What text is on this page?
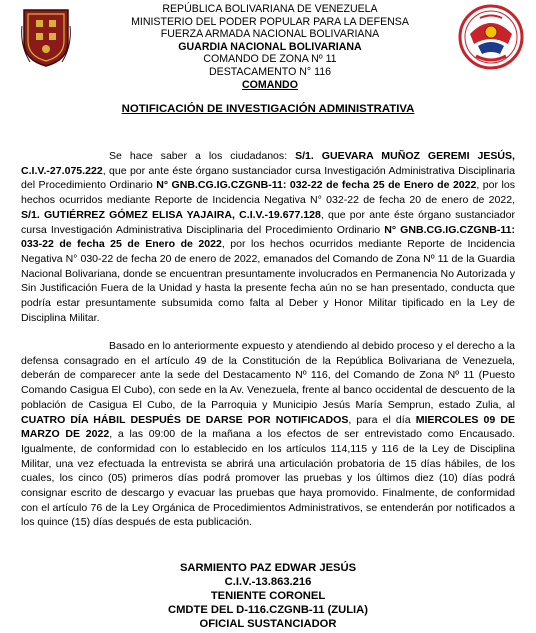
REPÚBLICA BOLIVARIANA DE VENEZUELA
MINISTERIO DEL PODER POPULAR PARA LA DEFENSA
FUERZA ARMADA NACIONAL BOLIVARIANA
GUARDIA NACIONAL BOLIVARIANA
COMANDO DE ZONA Nº 11
DESTACAMENTO N° 116
COMANDO
NOTIFICACIÓN DE INVESTIGACIÓN ADMINISTRATIVA
Se hace saber a los ciudadanos: S/1. GUEVARA MUÑOZ GEREMI JESÚS, C.I.V.-27.075.222, que por ante éste órgano sustanciador cursa Investigación Administrativa Disciplinaria del Procedimiento Ordinario N° GNB.CG.IG.CZGNB-11: 032-22 de fecha 25 de Enero de 2022, por los hechos ocurridos mediante Reporte de Incidencia Negativa N° 032-22 de fecha 20 de enero de 2022, S/1. GUTIÉRREZ GÓMEZ ELISA YAJAIRA, C.I.V.-19.677.128, que por ante éste órgano sustanciador cursa Investigación Administrativa Disciplinaria del Procedimiento Ordinario N° GNB.CG.IG.CZGNB-11: 033-22 de fecha 25 de Enero de 2022, por los hechos ocurridos mediante Reporte de Incidencia Negativa N° 030-22 de fecha 20 de enero de 2022, emanados del Comando de Zona Nº 11 de la Guardia Nacional Bolivariana, donde se encuentran presuntamente involucrados en Permanencia No Autorizada y Sin Justificación Fuera de la Unidad y hasta la presente fecha aún no se han presentado, conducta que podría estar presuntamente subsumida como falta al Deber y Honor Militar tipificado en la Ley de Disciplina Militar.
Basado en lo anteriormente expuesto y atendiendo al debido proceso y el derecho a la defensa consagrado en el artículo 49 de la Constitución de la República Bolivariana de Venezuela, deberán de comparecer ante la sede del Destacamento Nº 116, del Comando de Zona Nº 11 (Puesto Comando Casigua El Cubo), con sede en la Av. Venezuela, frente al banco occidental de descuento de la población de Casigua El Cubo, de la Parroquia y Municipio Jesús María Semprun, estado Zulia, al CUATRO DÍA HÁBIL DESPUÉS DE DARSE POR NOTIFICADOS, para el día MIERCOLES 09 DE MARZO DE 2022, a las 09:00 de la mañana a los efectos de ser entrevistado como Encausado. Igualmente, de conformidad con lo establecido en los artículos 114,115 y 116 de la Ley de Disciplina Militar, una vez efectuada la entrevista se abrirá una articulación probatoria de 15 días hábiles, de los cuales, los cinco (05) primeros días podrá promover las pruebas y los últimos diez (10) días podrá consignar escrito de descargo y evacuar las pruebas que haya promovido. Finalmente, de conformidad con el artículo 76 de la Ley Orgánica de Procedimientos Administrativos, se entenderán por notificados a los quince (15) días después de esta publicación.
SARMIENTO PAZ EDWAR JESÚS
C.I.V.-13.863.216
TENIENTE CORONEL
CMDTE DEL D-116.CZGNB-11 (ZULIA)
OFICIAL SUSTANCIADOR
